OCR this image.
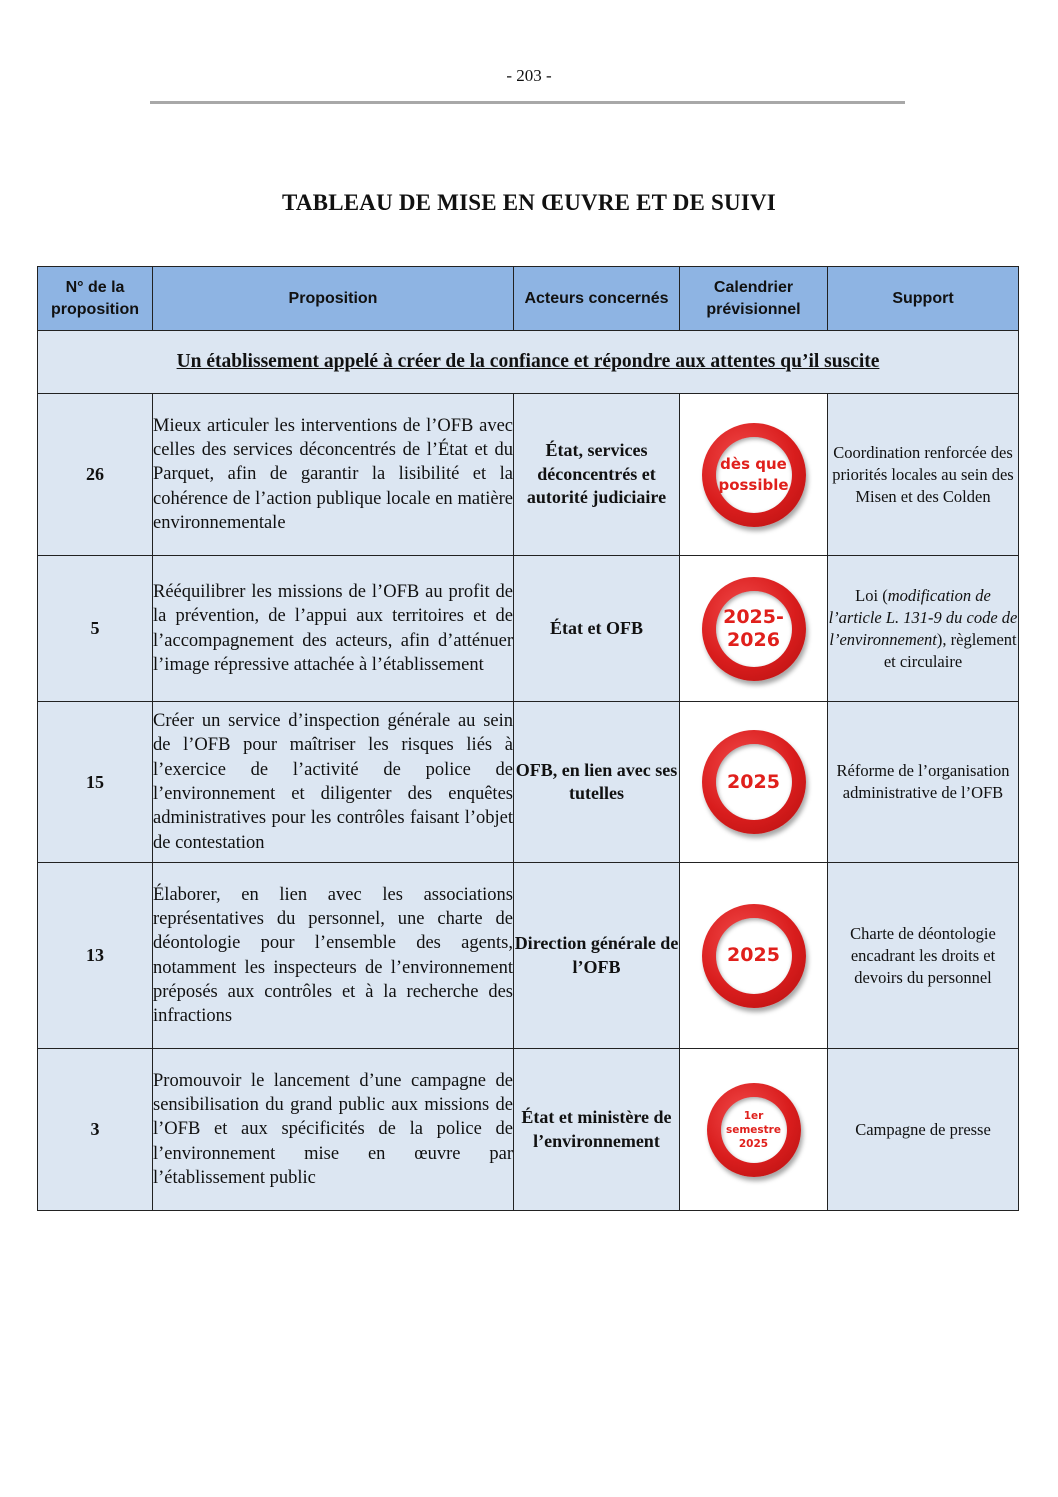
- 203 -
TABLEAU DE MISE EN ŒUVRE ET DE SUIVI
N° de la proposition	Proposition	Acteurs concernés	Calendrier prévisionnel	Support
Un établissement appelé à créer de la confiance et répondre aux attentes qu’il suscite				
26	Mieux articuler les interventions de l’OFB avec celles des services déconcentrés de l’État et du Parquet, afin de garantir la lisibilité et la cohérence de l’action publique locale en matière environnementale	État, services déconcentrés et autorité judiciaire	dès que possible	Coordination renforcée des priorités locales au sein des Misen et des Colden
5	Rééquilibrer les missions de l’OFB au profit de la prévention, de l’appui aux territoires et de l’accompagnement des acteurs, afin d’atténuer l’image répressive attachée à l’établissement	État et OFB	2025-2026	Loi (modification de l’article L. 131-9 du code de l’environnement), règlement et circulaire
15	Créer un service d’inspection générale au sein de l’OFB pour maîtriser les risques liés à l’exercice de l’activité de police de l’environnement et diligenter des enquêtes administratives pour les contrôles faisant l’objet de contestation	OFB, en lien avec ses tutelles	2025	Réforme de l’organisation administrative de l’OFB
13	Élaborer, en lien avec les associations représentatives du personnel, une charte de déontologie pour l’ensemble des agents, notamment les inspecteurs de l’environnement préposés aux contrôles et à la recherche des infractions	Direction générale de l’OFB	2025	Charte de déontologie encadrant les droits et devoirs du personnel
3	Promouvoir le lancement d’une campagne de sensibilisation du grand public aux missions de l’OFB et aux spécificités de la police de l’environnement mise en œuvre par l’établissement public	État et ministère de l’environnement	1er semestre 2025	Campagne de presse
